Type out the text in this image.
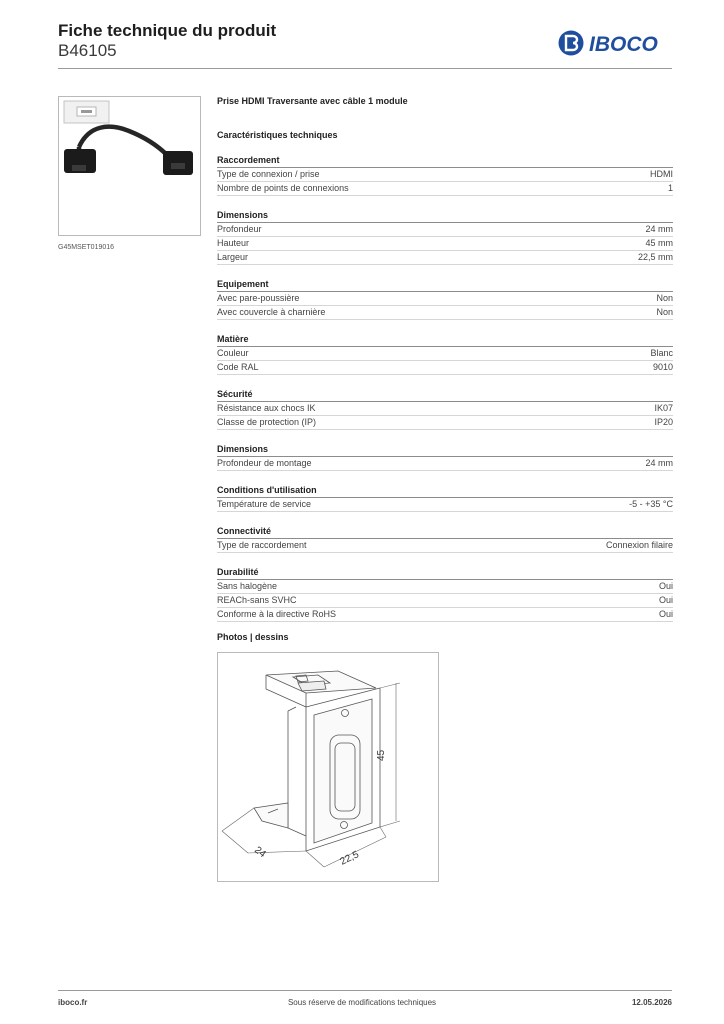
Fiche technique du produit
B46105	IBOCO
G45MSET019016
Prise HDMI Traversante avec câble 1 module
Caractéristiques techniques
Raccordement
Type de connexion / prise	HDMI
Nombre de points de connexions	1
Dimensions
Profondeur	24 mm
Hauteur	45 mm
Largeur	22,5 mm
Equipement
Avec pare-poussière	Non
Avec couvercle à charnière	Non
Matière
Couleur	Blanc
Code RAL	9010
Sécurité
Résistance aux chocs IK	IK07
Classe de protection (IP)	IP20
Dimensions
Profondeur de montage	24 mm
Conditions d'utilisation
Température de service	-5 - +35 °C
Connectivité
Type de raccordement	Connexion filaire
Durabilité
Sans halogène	Oui
REACh-sans SVHC	Oui
Conforme à la directive RoHS	Oui
Photos | dessins
45
24	22,5
iboco.fr	Sous réserve de modifications techniques	12.05.2026
